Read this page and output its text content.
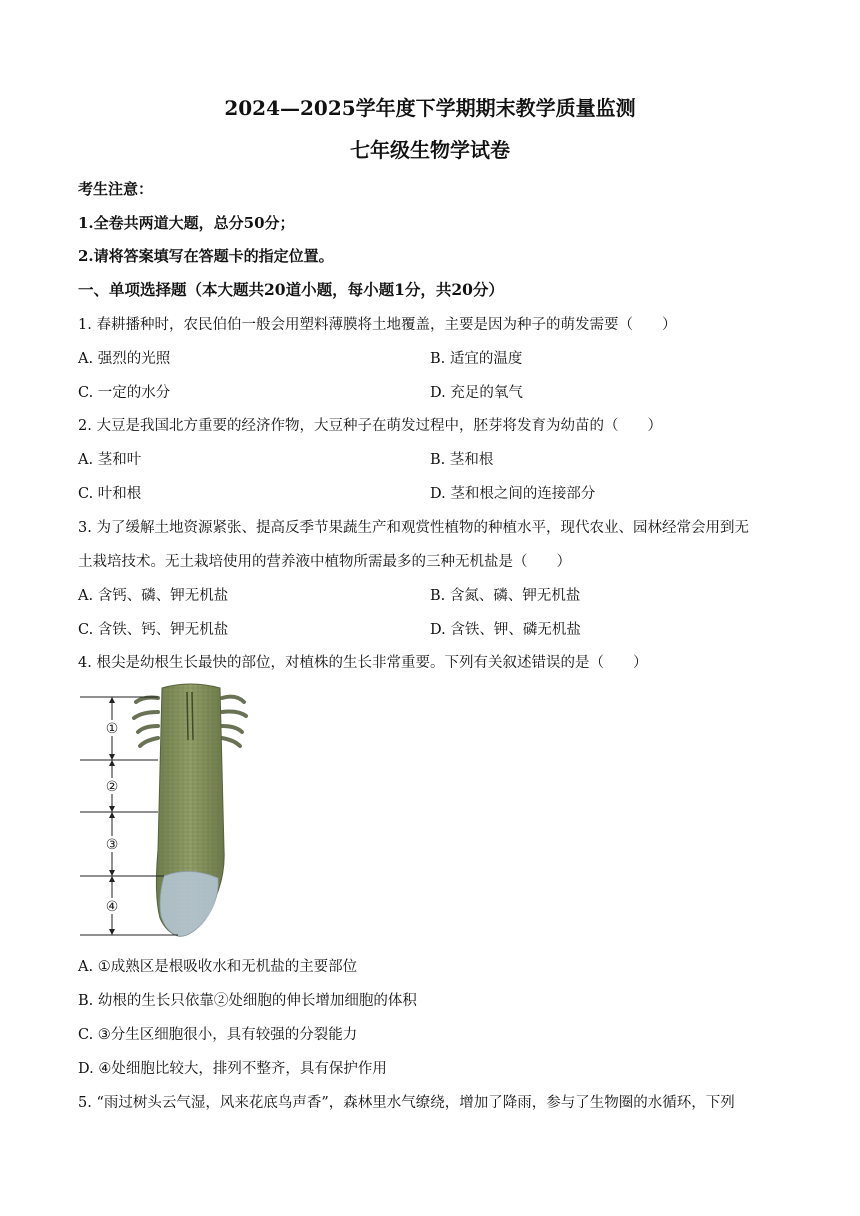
2024—2025学年度下学期期末教学质量监测
七年级生物学试卷
考生注意：
1.全卷共两道大题，总分50分；
2.请将答案填写在答题卡的指定位置。
一、单项选择题（本大题共20道小题，每小题1分，共20分）
1. 春耕播种时，农民伯伯一般会用塑料薄膜将土地覆盖，主要是因为种子的萌发需要（　　）
A. 强烈的光照	B. 适宜的温度
C. 一定的水分	D. 充足的氧气
2. 大豆是我国北方重要的经济作物，大豆种子在萌发过程中，胚芽将发育为幼苗的（　　）
A. 茎和叶	B. 茎和根
C. 叶和根	D. 茎和根之间的连接部分
3. 为了缓解土地资源紧张、提高反季节果蔬生产和观赏性植物的种植水平，现代农业、园林经常会用到无
土栽培技术。无土栽培使用的营养液中植物所需最多的三种无机盐是（　　）
A. 含钙、磷、钾无机盐	B. 含氮、磷、钾无机盐
C. 含铁、钙、钾无机盐	D. 含铁、钾、磷无机盐
4. 根尖是幼根生长最快的部位，对植株的生长非常重要。下列有关叙述错误的是（　　）
①
②
③
④
A. ①成熟区是根吸收水和无机盐的主要部位
B. 幼根的生长只依靠②处细胞的伸长增加细胞的体积
C. ③分生区细胞很小，具有较强的分裂能力
D. ④处细胞比较大，排列不整齐，具有保护作用
5. “雨过树头云气湿，风来花底鸟声香”，森林里水气缭绕，增加了降雨，参与了生物圈的水循环，下列
